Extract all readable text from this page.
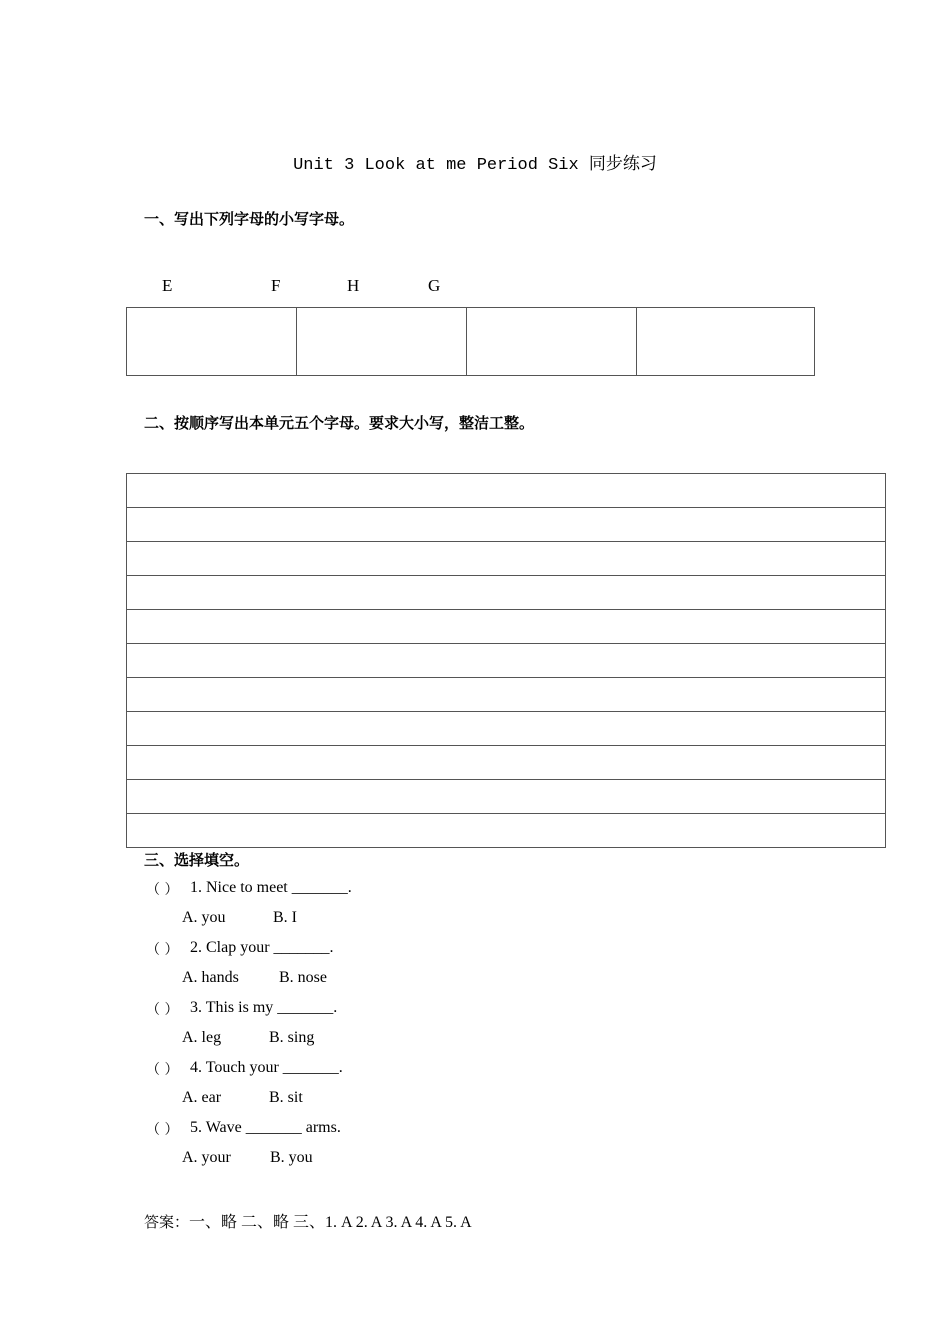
Unit 3 Look at me Period Six 同步练习
一、写出下列字母的小写字母。
E	F	H	G

二、按顺序写出本单元五个字母。要求大小写，整洁工整。
三、选择填空。
（ ） 1. Nice to meet _______.
A. you	B. I
（ ） 2. Clap your _______.
A. hands	B. nose
（ ） 3. This is my _______.
A. leg	B. sing
（ ） 4. Touch your _______.
A. ear	B. sit
（ ） 5. Wave _______ arms.
A. your B. you
答案：一、略 二、略 三、1. A 2. A 3. A 4. A 5. A
